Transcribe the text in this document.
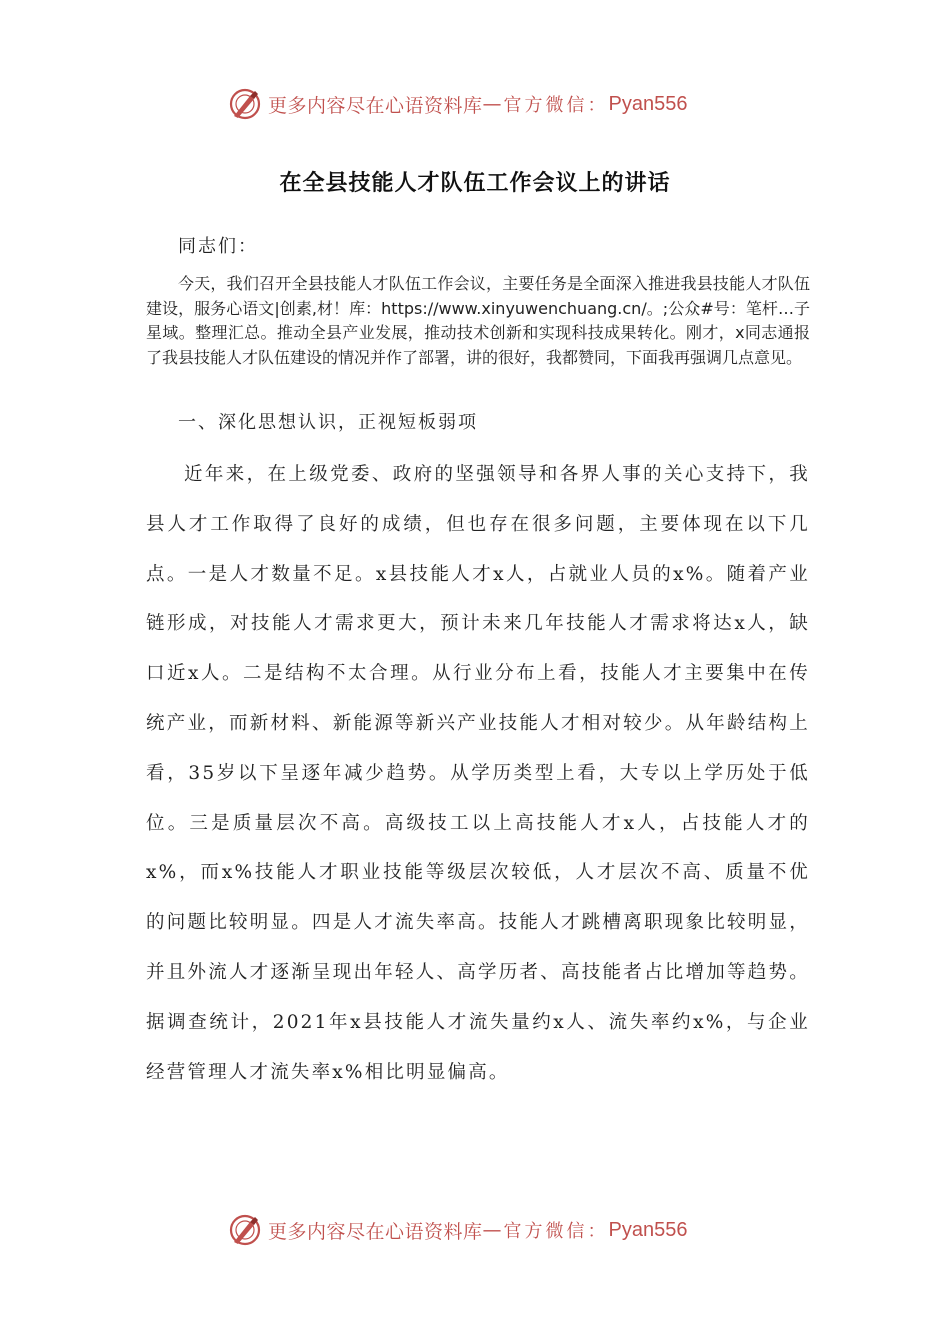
更多内容尽在心语资料库 — 官方微信： Pyan556
在全县技能人才队伍工作会议上的讲话
同志们：
今天，我们召开全县技能人才队伍工作会议，主要任务是全面深入推进我县技能人才队伍建设，服务心语文|创素,材！库：https://www.xinyuwenchuang.cn/。;公众#号：笔杆…子星域。整理汇总。推动全县产业发展，推动技术创新和实现科技成果转化。刚才，x同志通报了我县技能人才队伍建设的情况并作了部署，讲的很好，我都赞同，下面我再强调几点意见。
一、深化思想认识，正视短板弱项
近年来，在上级党委、政府的坚强领导和各界人事的关心支持下，我县人才工作取得了良好的成绩，但也存在很多问题，主要体现在以下几点。一是人才数量不足。x县技能人才x人，占就业人员的x%。随着产业链形成，对技能人才需求更大，预计未来几年技能人才需求将达x人，缺口近x人。二是结构不太合理。从行业分布上看，技能人才主要集中在传统产业，而新材料、新能源等新兴产业技能人才相对较少。从年龄结构上看，35岁以下呈逐年减少趋势。从学历类型上看，大专以上学历处于低位。三是质量层次不高。高级技工以上高技能人才x人，占技能人才的x%，而x%技能人才职业技能等级层次较低，人才层次不高、质量不优的问题比较明显。四是人才流失率高。技能人才跳槽离职现象比较明显，并且外流人才逐渐呈现出年轻人、高学历者、高技能者占比增加等趋势。据调查统计，2021年x县技能人才流失量约x人、流失率约x%，与企业经营管理人才流失率x%相比明显偏高。
更多内容尽在心语资料库 — 官方微信： Pyan556
